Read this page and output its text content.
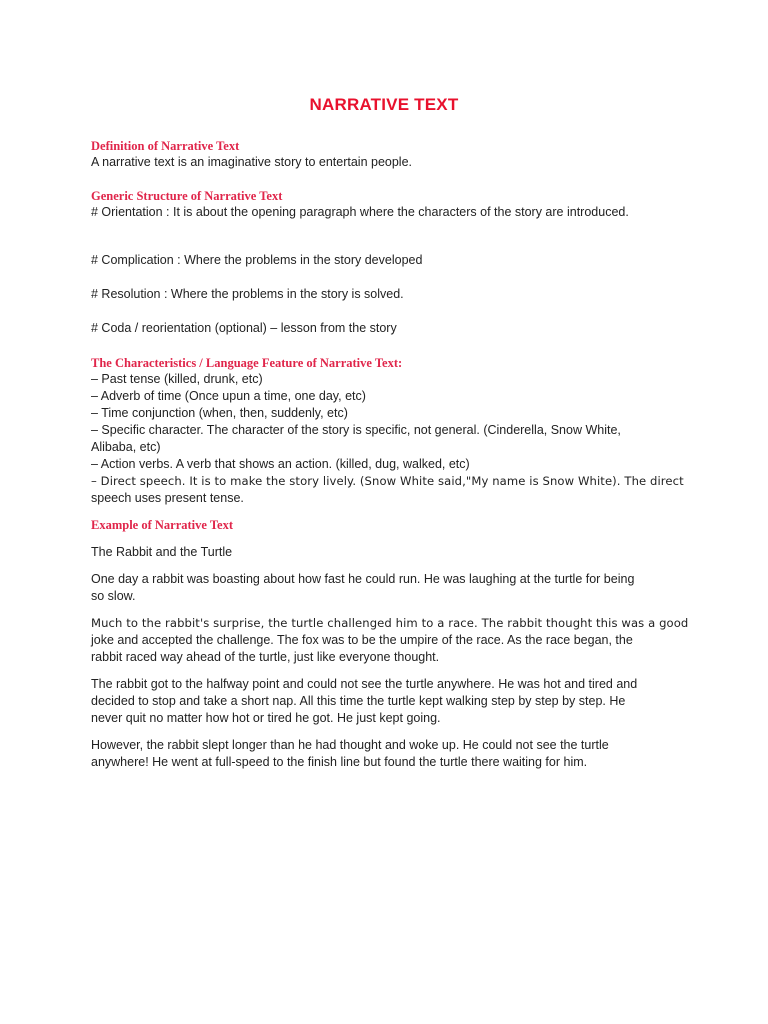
NARRATIVE TEXT
Definition of Narrative Text
A narrative text is an imaginative story to entertain people.
Generic Structure of Narrative Text
# Orientation : It is about the opening paragraph where the characters of the story are introduced.
# Complication : Where the problems in the story developed
# Resolution : Where the problems in the story is solved.
# Coda / reorientation (optional) – lesson from the story
The Characteristics / Language Feature of Narrative Text:
– Past tense (killed, drunk, etc)
– Adverb of time (Once upun a time, one day, etc)
– Time conjunction (when, then, suddenly, etc)
– Specific character. The character of the story is specific, not general. (Cinderella, Snow White,
Alibaba, etc)
– Action verbs. A verb that shows an action. (killed, dug, walked, etc)
– Direct speech. It is to make the story lively. (Snow White said,"My name is Snow White). The direct
speech uses present tense.
Example of Narrative Text
The Rabbit and the Turtle
One day a rabbit was boasting about how fast he could run. He was laughing at the turtle for being
so slow.
Much to the rabbit's surprise, the turtle challenged him to a race. The rabbit thought this was a good
joke and accepted the challenge. The fox was to be the umpire of the race. As the race began, the
rabbit raced way ahead of the turtle, just like everyone thought.
The rabbit got to the halfway point and could not see the turtle anywhere. He was hot and tired and
decided to stop and take a short nap. All this time the turtle kept walking step by step by step. He
never quit no matter how hot or tired he got. He just kept going.
However, the rabbit slept longer than he had thought and woke up. He could not see the turtle
anywhere! He went at full-speed to the finish line but found the turtle there waiting for him.
